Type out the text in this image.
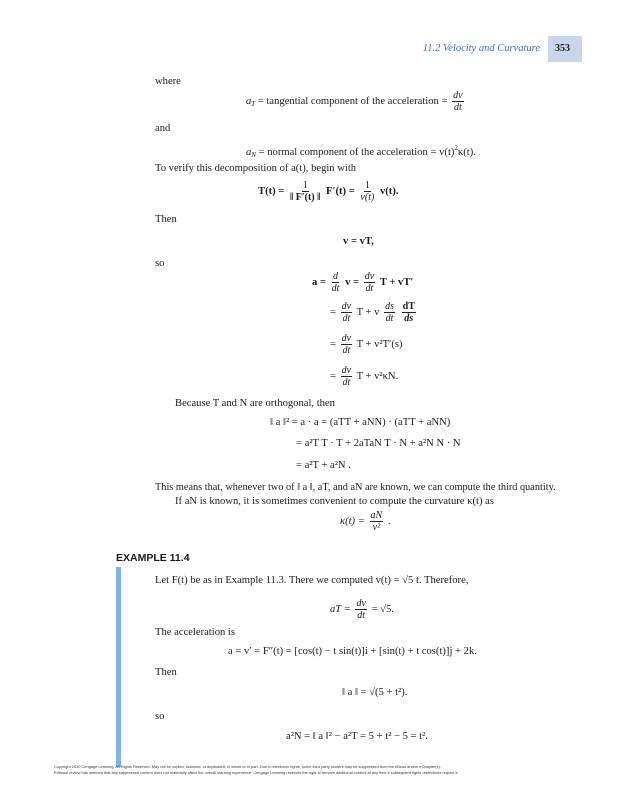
11.2 Velocity and Curvature 353
where
$a_T$ = tangential component of the acceleration = $\frac{dv}{dt}$
and
$a_N$ = normal component of the acceleration = $v(t)^2\kappa(t)$.
To verify this decomposition of a(t), begin with
$T(t) = \frac{1}{‖ F'(t) ‖} F'(t) = \frac{1}{v(t)} v(t)$.
Then
v = vT,
so
$a = \frac{d}{dt}$ $v = \frac{dv}{dt}$ T + vT′
= $\frac{dv}{dt}$ T + v $\frac{ds}{dt}$
$\frac{dT}{ds}$
= $\frac{dv}{dt}$ T + v²T′(s)
= $\frac{dv}{dt}$ T + v²κN.
Because T and N are orthogonal, then
‖ a ‖² = a · a = (aTT + aNN) · (aTT + aNN)
= a²T T · T + 2aTaN T · N + a²N N · N
= a²T + a²N .
This means that, whenever two of ‖ a ‖, aT, and aN are known, we can compute the third quantity.
If aN is known, it is sometimes convenient to compute the curvature κ(t) as
$\kappa(t) = \frac{aN}{\text{v²}}$ .
EXAMPLE 11.4
Let F(t) be as in Example 11.3. There we computed v(t) = √5 t. Therefore,
aT = $\frac{dv}{dt} = √5$.
The acceleration is
a = v′ = F″(t) = [cos(t) − t sin(t)]i + [sin(t) + t cos(t)]j + 2k.
Then
‖ a ‖ = √(5 + t²).
so
a²N = ‖ a ‖² − a²T = 5 + t² − 5 = t².
Copyright 2010 Cengage Learning. All Rights Reserved. May not be copied, scanned, or duplicated, in whole or in part. Due to electronic rights, some third party content may be suppressed from the eBook and/or eChapter(s).
Editorial review has deemed that any suppressed content does not materially affect the overall learning experience. Cengage Learning reserves the right to remove additional content at any time if subsequent rights restrictions require it.
